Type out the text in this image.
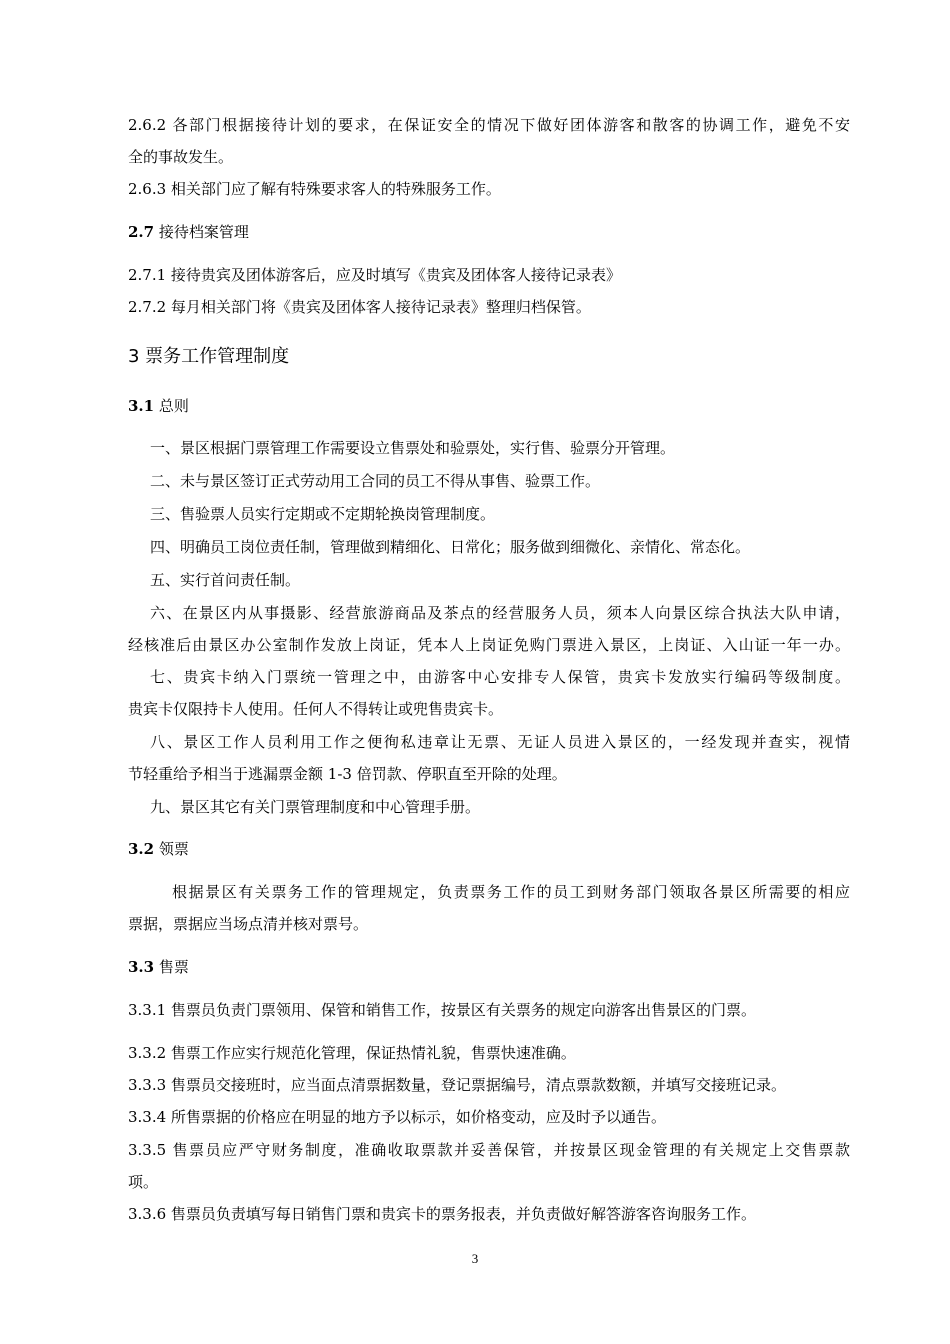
2.6.2 各部门根据接待计划的要求，在保证安全的情况下做好团体游客和散客的协调工作，避免不安
全的事故发生。
2.6.3 相关部门应了解有特殊要求客人的特殊服务工作。
2.7 接待档案管理
2.7.1 接待贵宾及团体游客后，应及时填写《贵宾及团体客人接待记录表》
2.7.2 每月相关部门将《贵宾及团体客人接待记录表》整理归档保管。
3 票务工作管理制度
3.1 总则
一、景区根据门票管理工作需要设立售票处和验票处，实行售、验票分开管理。
二、未与景区签订正式劳动用工合同的员工不得从事售、验票工作。
三、售验票人员实行定期或不定期轮换岗管理制度。
四、明确员工岗位责任制，管理做到精细化、日常化；服务做到细微化、亲情化、常态化。
五、实行首问责任制。
六、在景区内从事摄影、经营旅游商品及茶点的经营服务人员，须本人向景区综合执法大队申请，
经核准后由景区办公室制作发放上岗证，凭本人上岗证免购门票进入景区，上岗证、入山证一年一办。
七、贵宾卡纳入门票统一管理之中，由游客中心安排专人保管，贵宾卡发放实行编码等级制度。
贵宾卡仅限持卡人使用。任何人不得转让或兜售贵宾卡。
八、景区工作人员利用工作之便徇私违章让无票、无证人员进入景区的，一经发现并查实，视情
节轻重给予相当于逃漏票金额 1-3 倍罚款、停职直至开除的处理。
九、景区其它有关门票管理制度和中心管理手册。
3.2 领票
根据景区有关票务工作的管理规定，负责票务工作的员工到财务部门领取各景区所需要的相应
票据，票据应当场点清并核对票号。
3.3 售票
3.3.1 售票员负责门票领用、保管和销售工作，按景区有关票务的规定向游客出售景区的门票。
3.3.2 售票工作应实行规范化管理，保证热情礼貌，售票快速准确。
3.3.3 售票员交接班时，应当面点清票据数量，登记票据编号，清点票款数额，并填写交接班记录。
3.3.4 所售票据的价格应在明显的地方予以标示，如价格变动，应及时予以通告。
3.3.5 售票员应严守财务制度，准确收取票款并妥善保管，并按景区现金管理的有关规定上交售票款
项。
3.3.6 售票员负责填写每日销售门票和贵宾卡的票务报表，并负责做好解答游客咨询服务工作。
3
